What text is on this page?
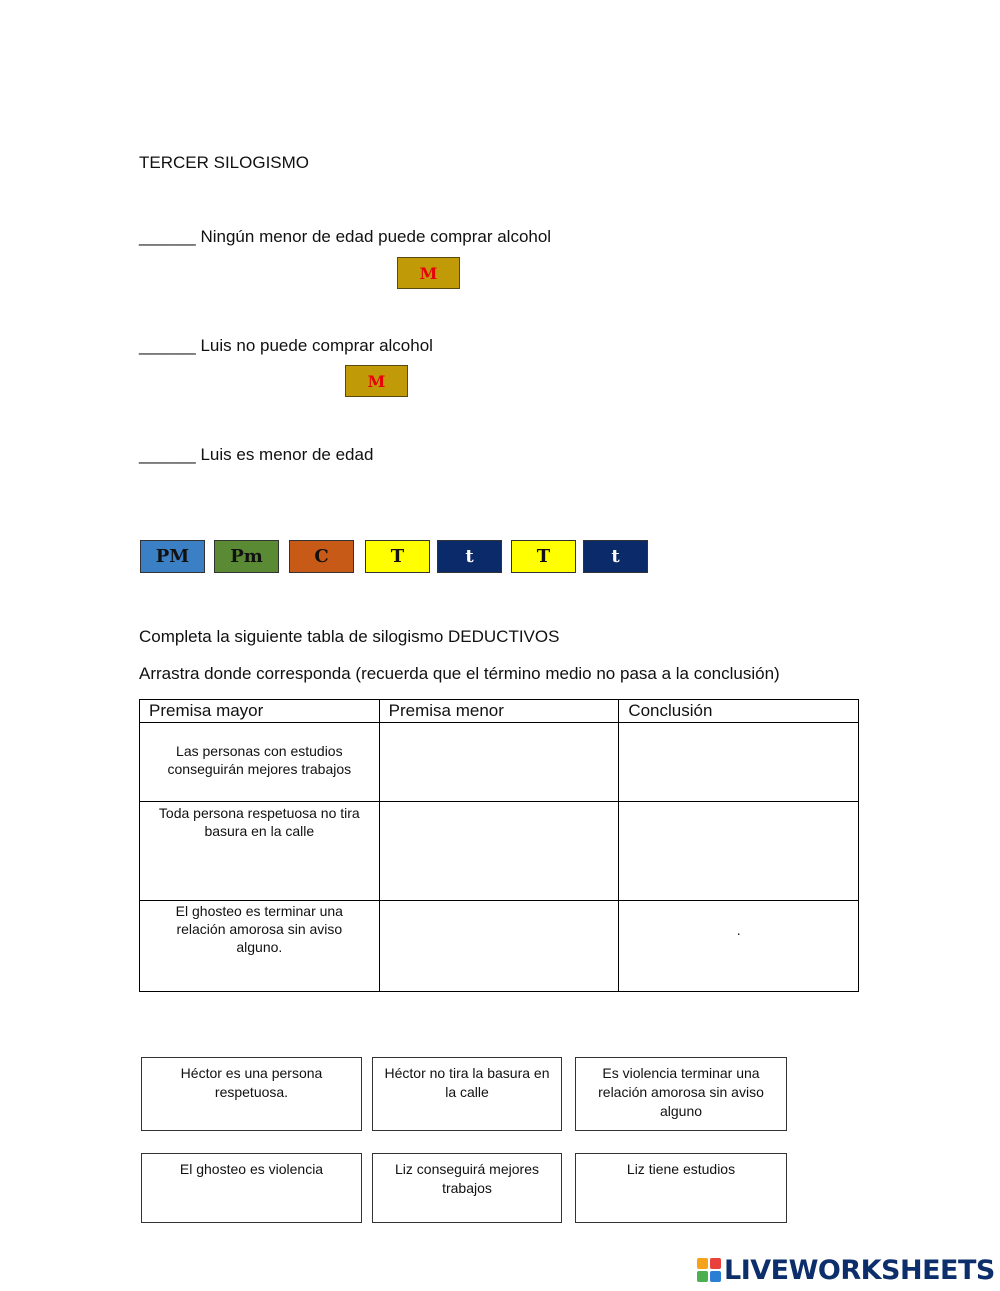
TERCER SILOGISMO
______ Ningún menor de edad puede comprar alcohol
M
______ Luis no puede comprar alcohol
M
______ Luis es menor de edad
PM	Pm	C	T	t	T	t
Completa la siguiente tabla de silogismo DEDUCTIVOS
Arrastra donde corresponda (recuerda que el término medio no pasa a la conclusión)
Premisa mayor	Premisa menor	Conclusión

Las personas con estudios conseguirán mejores trabajos		

Toda persona respetuosa no tira basura en la calle		

El ghosteo es terminar una relación amorosa sin aviso alguno.		.
Héctor es una persona respetuosa.
Héctor no tira la basura en la calle
Es violencia terminar una relación amorosa sin aviso alguno
El ghosteo es violencia	Liz conseguirá mejores trabajos
Liz tiene estudios
LIVEWORKSHEETS
